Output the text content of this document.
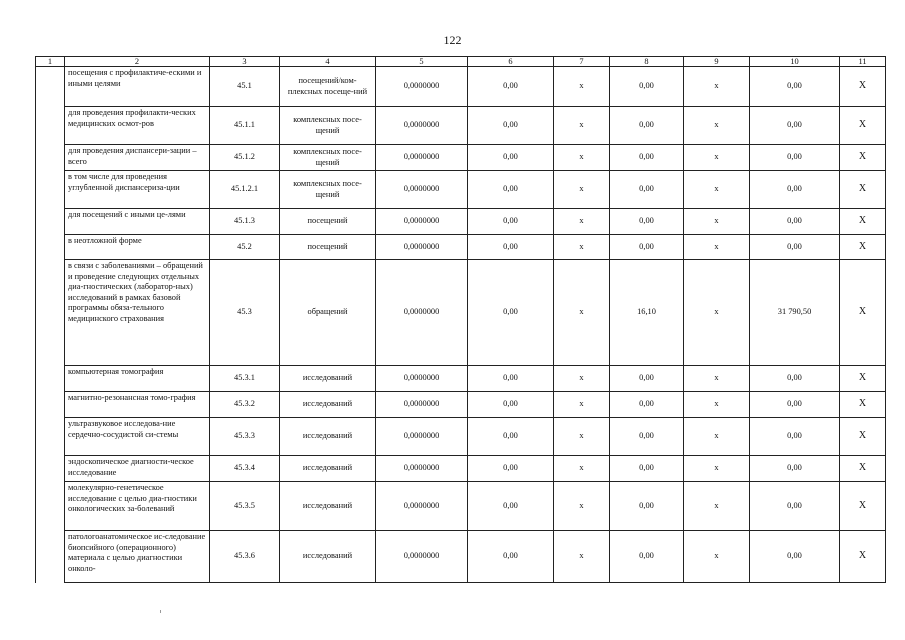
122
1	2	3	4	5	6	7	8	9	10	11
	посещения с профилактиче-ескими и иными целями	45.1	посещений/ком-плексных посеще-ний	0,0000000	0,00	x	0,00	x	0,00	X
	для проведения профилакти-ческих медицинских осмот-ров	45.1.1	комплексных посе-щений	0,0000000	0,00	x	0,00	x	0,00	X
	для проведения диспансери-зации – всего	45.1.2	комплексных посе-щений	0,0000000	0,00	x	0,00	x	0,00	X
	в том числе для проведения углубленной диспансериза-ции	45.1.2.1	комплексных посе-щений	0,0000000	0,00	x	0,00	x	0,00	X
	для посещений с иными це-лями	45.1.3	посещений	0,0000000	0,00	x	0,00	x	0,00	X
	в неотложной форме	45.2	посещений	0,0000000	0,00	x	0,00	x	0,00	X
	в связи с заболеваниями – обращений и проведение следующих отдельных диа-гностических (лаборатор-ных) исследований в рамках базовой программы обяза-тельного медицинского страхования	45.3	обращений	0,0000000	0,00	x	16,10	x	31 790,50	X
	компьютерная томография	45.3.1	исследований	0,0000000	0,00	x	0,00	x	0,00	X
	магнитно-резонансная томо-графия	45.3.2	исследований	0,0000000	0,00	x	0,00	x	0,00	X
	ультразвуковое исследова-ние сердечно-сосудистой си-стемы	45.3.3	исследований	0,0000000	0,00	x	0,00	x	0,00	X
	эндоскопическое диагности-ческое исследование	45.3.4	исследований	0,0000000	0,00	x	0,00	x	0,00	X
	молекулярно-генетическое исследование с целью диа-гностики онкологических за-болеваний	45.3.5	исследований	0,0000000	0,00	x	0,00	x	0,00	X
	патологоанатомическое ис-следование биопсийного (операционного) материала с целью диагностики онколо-	45.3.6	исследований	0,0000000	0,00	x	0,00	x	0,00	X
